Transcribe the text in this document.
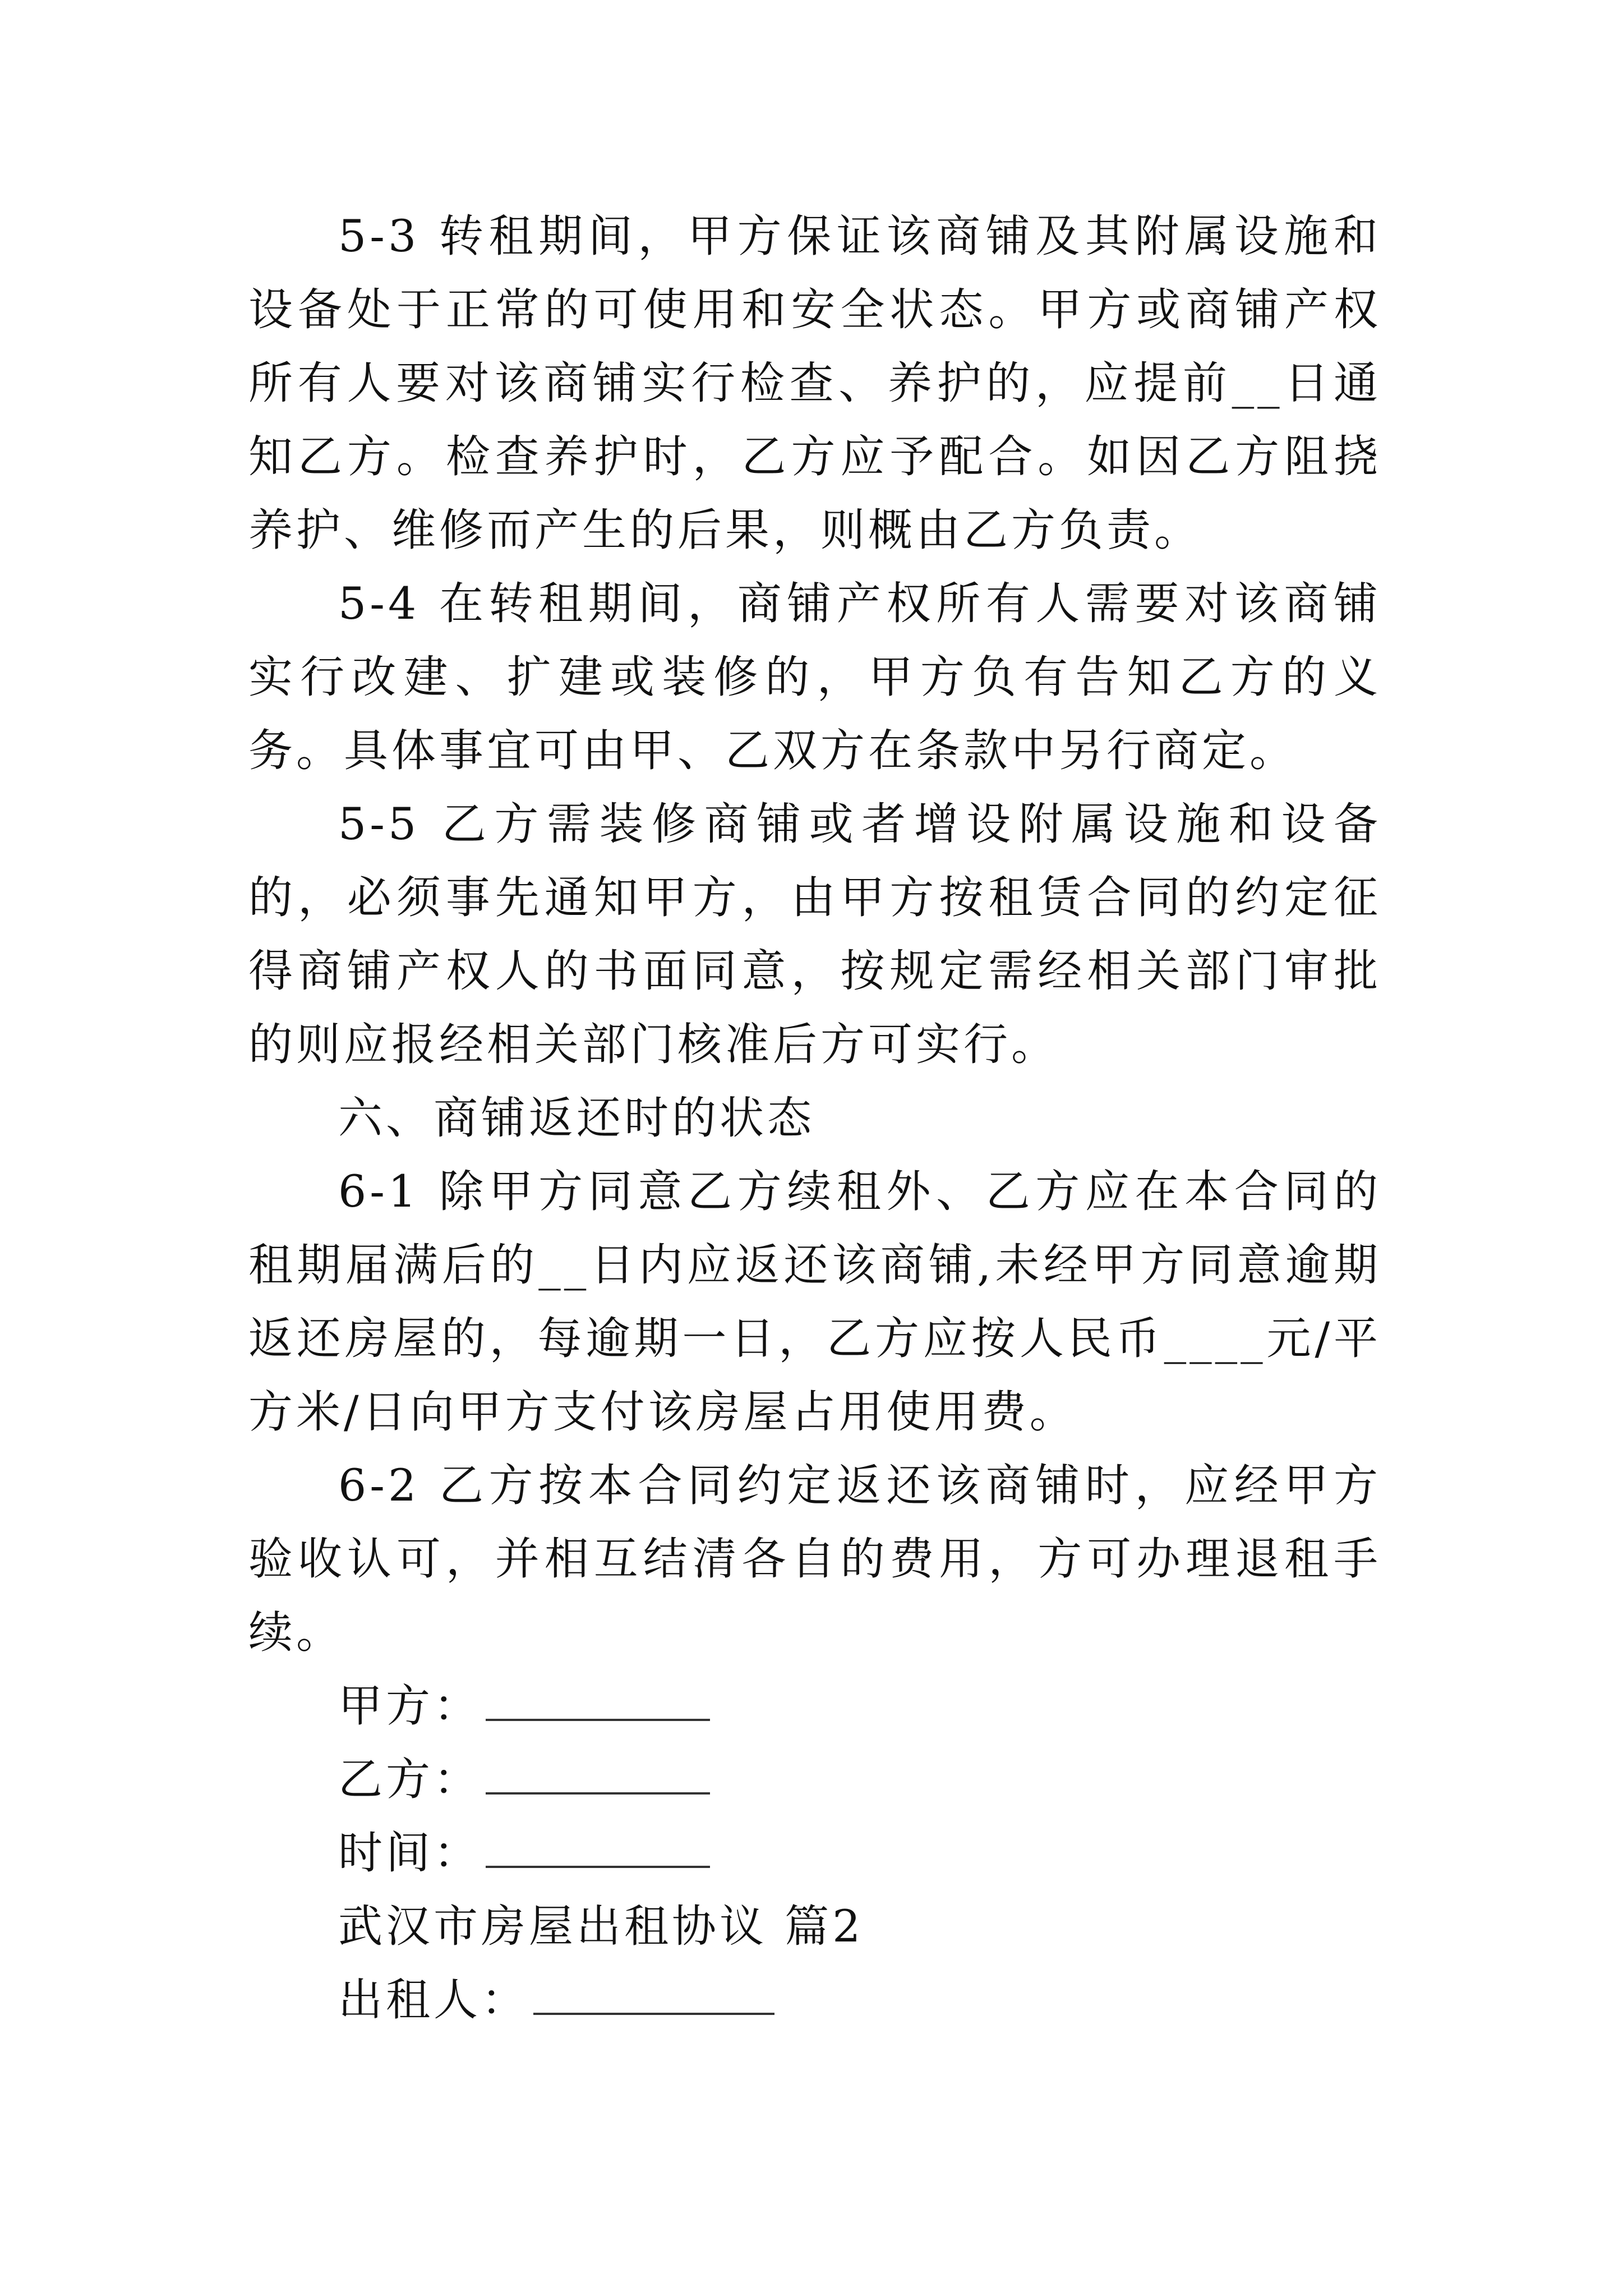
5-3 转租期间，甲方保证该商铺及其附属设施和设备处于正常的可使用和安全状态。甲方或商铺产权所有人要对该商铺实行检查、养护的，应提前__日通知乙方。检查养护时，乙方应予配合。如因乙方阻挠养护、维修而产生的后果，则概由乙方负责。

5-4 在转租期间，商铺产权所有人需要对该商铺实行改建、扩建或装修的，甲方负有告知乙方的义务。具体事宜可由甲、乙双方在条款中另行商定。

5-5 乙方需装修商铺或者增设附属设施和设备的，必须事先通知甲方，由甲方按租赁合同的约定征得商铺产权人的书面同意，按规定需经相关部门审批的则应报经相关部门核准后方可实行。

六、商铺返还时的状态

6-1 除甲方同意乙方续租外、乙方应在本合同的租期届满后的__日内应返还该商铺,未经甲方同意逾期返还房屋的，每逾期一日，乙方应按人民币____元/平方米/日向甲方支付该房屋占用使用费。

6-2 乙方按本合同约定返还该商铺时，应经甲方验收认可，并相互结清各自的费用，方可办理退租手续。

甲方：

乙方：

时间：

武汉市房屋出租协议 篇2

出租人：
